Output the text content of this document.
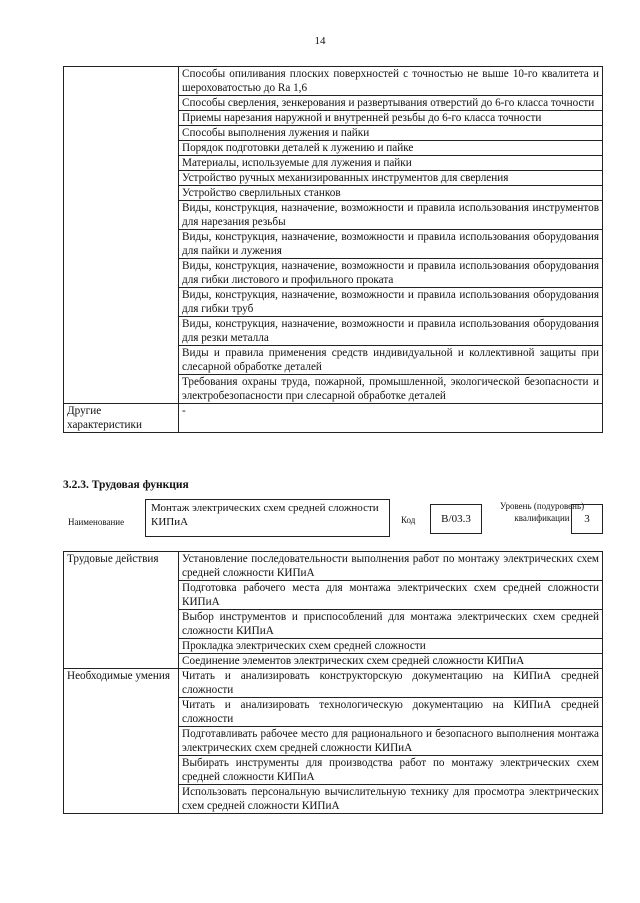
14
	Способы опиливания плоских поверхностей с точностью не выше 10-го квалитета и шероховатостью до Ra 1,6
	Способы сверления, зенкерования и развертывания отверстий до 6-го класса точности
	Приемы нарезания наружной и внутренней резьбы до 6-го класса точности
	Способы выполнения лужения и пайки
	Порядок подготовки деталей к лужению и пайке
	Материалы, используемые для лужения и пайки
	Устройство ручных механизированных инструментов для сверления
	Устройство сверлильных станков
	Виды, конструкция, назначение, возможности и правила использования инструментов для нарезания резьбы
	Виды, конструкция, назначение, возможности и правила использования оборудования для пайки и лужения
	Виды, конструкция, назначение, возможности и правила использования оборудования для гибки листового и профильного проката
	Виды, конструкция, назначение, возможности и правила использования оборудования для гибки труб
	Виды, конструкция, назначение, возможности и правила использования оборудования для резки металла
	Виды и правила применения средств индивидуальной и коллективной защиты при слесарной обработке деталей
	Требования охраны труда, пожарной, промышленной, экологической безопасности и электробезопасности при слесарной обработке деталей
Другие характеристики	-
3.2.3. Трудовая функция
Наименование
Монтаж электрических схем средней сложности КИПиА	Код	B/03.3
Уровень (подуровень) квалификации	3
Трудовые действия	Установление последовательности выполнения работ по монтажу электрических схем средней сложности КИПиА
	Подготовка рабочего места для монтажа электрических схем средней сложности КИПиА
	Выбор инструментов и приспособлений для монтажа электрических схем средней сложности КИПиА
	Прокладка электрических схем средней сложности
	Соединение элементов электрических схем средней сложности КИПиА
Необходимые умения	Читать и анализировать конструкторскую документацию на КИПиА средней сложности
	Читать и анализировать технологическую документацию на КИПиА средней сложности
	Подготавливать рабочее место для рационального и безопасного выполнения монтажа электрических схем средней сложности КИПиА
	Выбирать инструменты для производства работ по монтажу электрических схем средней сложности КИПиА
	Использовать персональную вычислительную технику для просмотра электрических схем средней сложности КИПиА
